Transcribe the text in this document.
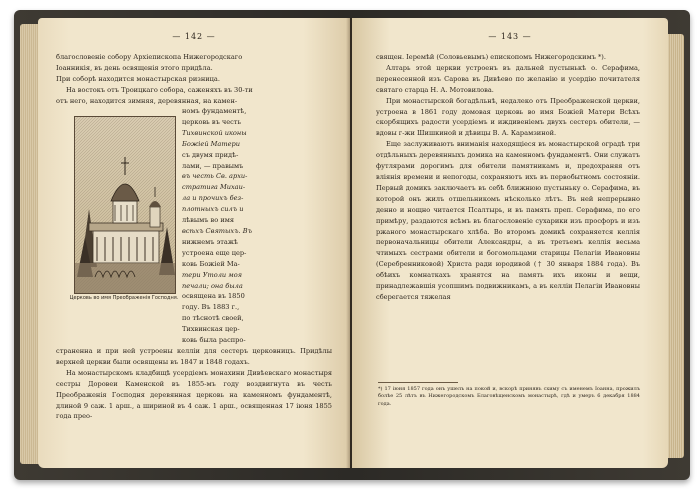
— 142 —
благословеніе собору Архіепископа Нижегородскаго
Іоанникія, въ день освященія этого придѣла.
При соборѣ находится монастырская ризница.
На востокъ отъ Троицкаго собора, саженяхъ въ 30-ти
отъ него, находится зимняя, деревянная, на камен-
Церковь во имя Преображенія Господня.
номъ фундаментѣ,
церковь въ честь
Тихвинской иконы
Божіей Матери
съ двумя придѣ-
лами, — правымъ
въ честь Св. архи-
стратига Михаи-
ла и прочихъ без-
плотныхъ силъ и
лѣвымъ во имя
всѣхъ Святыхъ. Въ
нижнемъ этажѣ
устроена еще цер-
ковь Божіей Ма-
тери Утоли моя
печали; она была
освящена въ 1850
году. Въ 1883 г.,
по тѣснотѣ своей,
Тихвинская цер-
ковь была распро-

страненна и при ней устроены келліи для сестеръ церковницъ. Придѣлы верхней церкви были освящены въ 1847 и 1848 годахъ.

На монастырскомъ кладбищѣ усердіемъ монахини Дивѣевскаго монастыря сестры Доровеи Каменской въ 1855-мъ году воздвигнута въ честь Преображенія Господня деревянная церковь на каменномъ фундаментѣ, длиной 9 саж. 1 арш., а шириной въ 4 саж. 1 арш., освященная 17 іюня 1855 года прео-

— 143 —

священ. Іеремѣй (Соловьевымъ) епископомъ Нижегородскимъ *).

Алтарь этой церкви устроенъ въ дальней пустынькѣ о. Серафима, перенесенной изъ Сарова въ Дивѣево по желанію и усердію почитателя святаго старца Н. А. Мотовилова.

При монастырской богадѣльнѣ, недалеко отъ Преображенской церкви, устроена в 1861 году домовая церковь во имя Божіей Матери Всѣхъ скорбящихъ радости усердіемъ и иждивеніемъ двухъ сестеръ обители, — вдовы г-жи Шишкиной и дѣвицы В. А. Карамзиной.

Еще заслуживаютъ вниманія находящіеся въ монастырской оградѣ три отдѣльныхъ деревянныхъ домика на каменномъ фундаментѣ. Они служатъ футлярами дорогимъ для обители памятникамъ и, предохраняя отъ вліянія времени и непогоды, сохраняютъ ихъ въ первобытномъ состояніи. Первый домикъ заключаетъ въ себѣ ближнюю пустыньку о. Серафима, въ которой онъ жилъ отшельникомъ нѣсколько лѣтъ. Въ ней непрерывно денно и нощно читается Псалтырь, и въ память преп. Серафима, по его примѣру, раздаются всѣмъ въ благословеніе сухарики изъ просфоръ и изъ ржаного монастырскаго хлѣба. Во второмъ домикѣ сохраняется келлія первоначальницы обители Александры, а въ третьемъ келлія весьма чтимыхъ сестрами обители и богомольцами старицы Пелагіи Ивановны (Серебренниковой) Христа ради юродивой († 30 января 1884 года). Въ обѣихъ комнаткахъ хранятся на память ихъ иконы и вещи, принадлежавшія усопшимъ подвижникамъ, а въ келліи Пелагіи Ивановны сберегается тяжелая

*) 17 іюня 1857 года онъ ушелъ на покой и, вскорѣ принявъ схиму съ именемъ Іоанна, прожилъ болѣе 25 лѣтъ въ Нижегородскомъ Благовѣщенскомъ монастырѣ, гдѣ и умеръ 6 декабря 1884 года.
